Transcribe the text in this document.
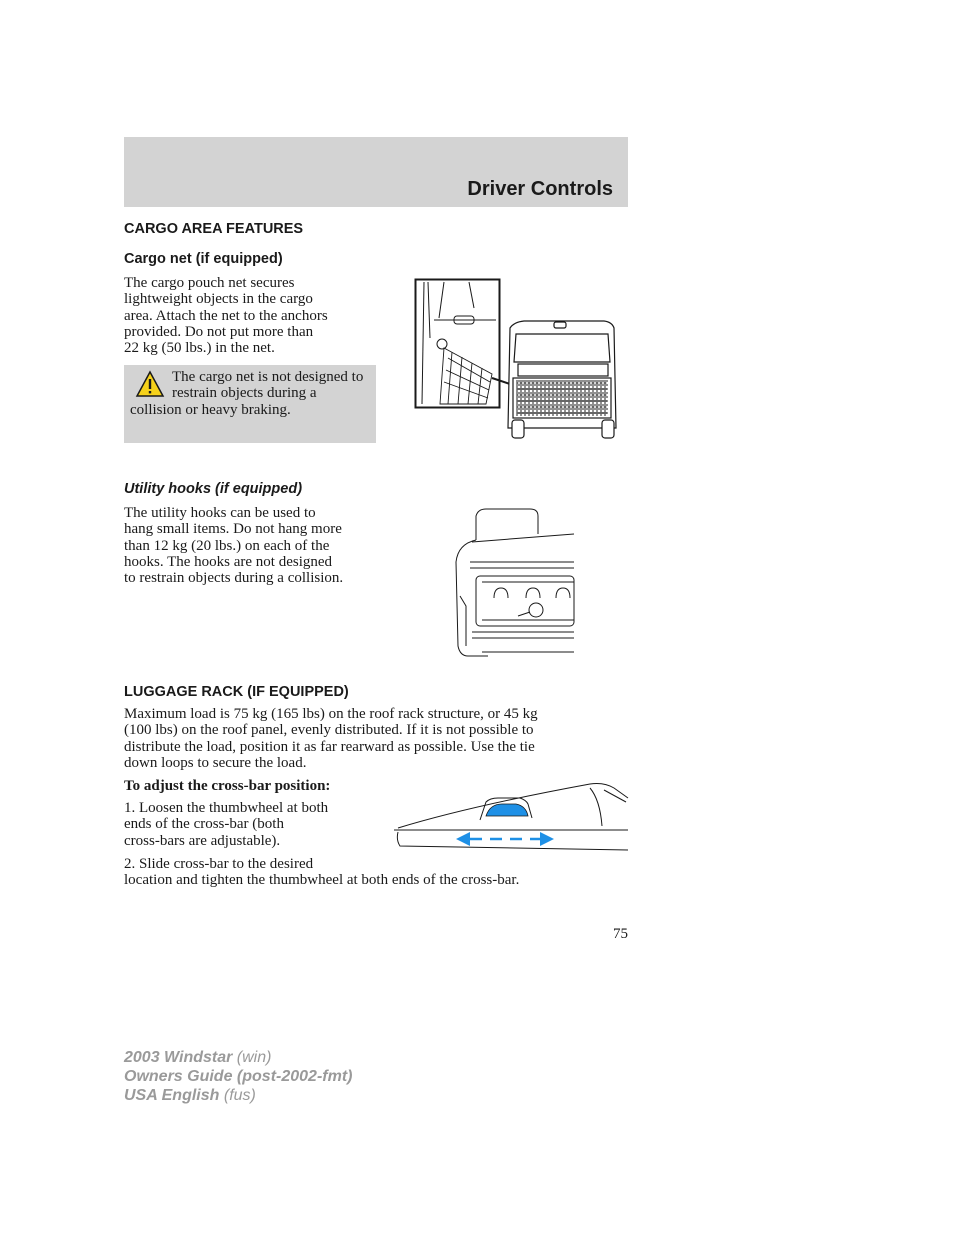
Driver Controls
CARGO AREA FEATURES
Cargo net (if equipped)

The cargo pouch net secures

lightweight objects in the cargo

area. Attach the net to the anchors

provided. Do not put more than

22 kg (50 lbs.) in the net.

The cargo net is not designed to restrain objects during a collision or heavy braking.
Utility hooks (if equipped)

The utility hooks can be used to

hang small items. Do not hang more

than 12 kg (20 lbs.) on each of the

hooks. The hooks are not designed

to restrain objects during a collision.

LUGGAGE RACK (IF EQUIPPED)

Maximum load is 75 kg (165 lbs) on the roof rack structure, or 45 kg

(100 lbs) on the roof panel, evenly distributed. If it is not possible to

distribute the load, position it as far rearward as possible. Use the tie

down loops to secure the load.

To adjust the cross-bar position:

1. Loosen the thumbwheel at both

ends of the cross-bar (both

cross-bars are adjustable).

2. Slide cross-bar to the desired

location and tighten the thumbwheel at both ends of the cross-bar.

75

2003 Windstar (win)

Owners Guide (post-2002-fmt)

USA English (fus)
